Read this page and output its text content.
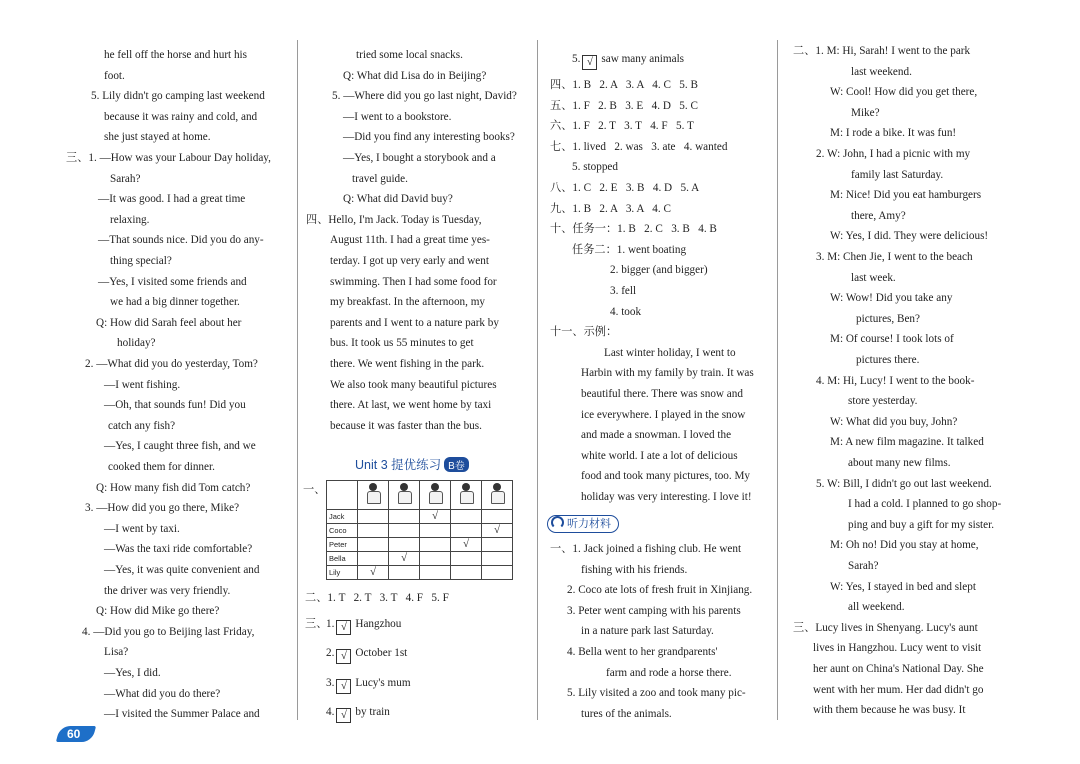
he fell off the horse and hurt his
foot.
5. Lily didn't go camping last weekend
because it was rainy and cold, and
she just stayed at home.
三、1. —How was your Labour Day holiday,
Sarah?
—It was good. I had a great time
relaxing.
—That sounds nice. Did you do any-
thing special?
—Yes, I visited some friends and
we had a big dinner together.
Q: How did Sarah feel about her
holiday?
2. —What did you do yesterday, Tom?
—I went fishing.
—Oh, that sounds fun! Did you
catch any fish?
—Yes, I caught three fish, and we
cooked them for dinner.
Q: How many fish did Tom catch?
3. —How did you go there, Mike?
—I went by taxi.
—Was the taxi ride comfortable?
—Yes, it was quite convenient and
the driver was very friendly.
Q: How did Mike go there?
4. —Did you go to Beijing last Friday,
Lisa?
—Yes, I did.
—What did you do there?
—I visited the Summer Palace and
tried some local snacks.
Q: What did Lisa do in Beijing?
5. —Where did you go last night, David?
—I went to a bookstore.
—Did you find any interesting books?
—Yes, I bought a storybook and a
travel guide.
Q: What did David buy?
四、Hello, I'm Jack. Today is Tuesday,
August 11th. I had a great time yes-
terday. I got up very early and went
swimming. Then I had some food for
my breakfast. In the afternoon, my
parents and I went to a nature park by
bus. It took us 55 minutes to get
there. We went fishing in the park.
We also took many beautiful pictures
there. At last, we went home by taxi
because it was faster than the bus.
Unit 3 提优练习 B卷
一、

Jack			√		
Coco					√
Peter				√	
Bella		√			
Lily	√				
二、1. T   2. T   3. T   4. F   5. F
三、
1. √ Hangzhou
2. √ October 1st
3. √ Lucy's mum
4. √ by train
5. √ saw many animals
四、1. B   2. A   3. A   4. C   5. B
五、1. F   2. B   3. E   4. D   5. C
六、1. F   2. T   3. T   4. F   5. T
七、1. lived   2. was   3. ate   4. wanted
5. stopped
八、1. C   2. E   3. B   4. D   5. A
九、1. B   2. A   3. A   4. C
十、任务一：1. B   2. C   3. B   4. B
任务二：1. went boating
2. bigger (and bigger)
3. fell
4. took
十一、示例：
Last winter holiday, I went to
Harbin with my family by train. It was
beautiful there. There was snow and
ice everywhere. I played in the snow
and made a snowman. I loved the
white world. I ate a lot of delicious
food and took many pictures, too. My
holiday was very interesting. I love it!
听力材料
一、1. Jack joined a fishing club. He went
fishing with his friends.
2. Coco ate lots of fresh fruit in Xinjiang.
3. Peter went camping with his parents
in a nature park last Saturday.
4. Bella went to her grandparents'
farm and rode a horse there.
5. Lily visited a zoo and took many pic-
tures of the animals.
二、1. M: Hi, Sarah! I went to the park
last weekend.
W: Cool! How did you get there,
Mike?
M: I rode a bike. It was fun!
2. W: John, I had a picnic with my
family last Saturday.
M: Nice! Did you eat hamburgers
there, Amy?
W: Yes, I did. They were delicious!
3. M: Chen Jie, I went to the beach
last week.
W: Wow! Did you take any
pictures, Ben?
M: Of course! I took lots of
pictures there.
4. M: Hi, Lucy! I went to the book-
store yesterday.
W: What did you buy, John?
M: A new film magazine. It talked
about many new films.
5. W: Bill, I didn't go out last weekend.
I had a cold. I planned to go shop-
ping and buy a gift for my sister.
M: Oh no! Did you stay at home,
Sarah?
W: Yes, I stayed in bed and slept
all weekend.
三、Lucy lives in Shenyang. Lucy's aunt
lives in Hangzhou. Lucy went to visit
her aunt on China's National Day. She
went with her mum. Her dad didn't go
with them because he was busy. It
60
